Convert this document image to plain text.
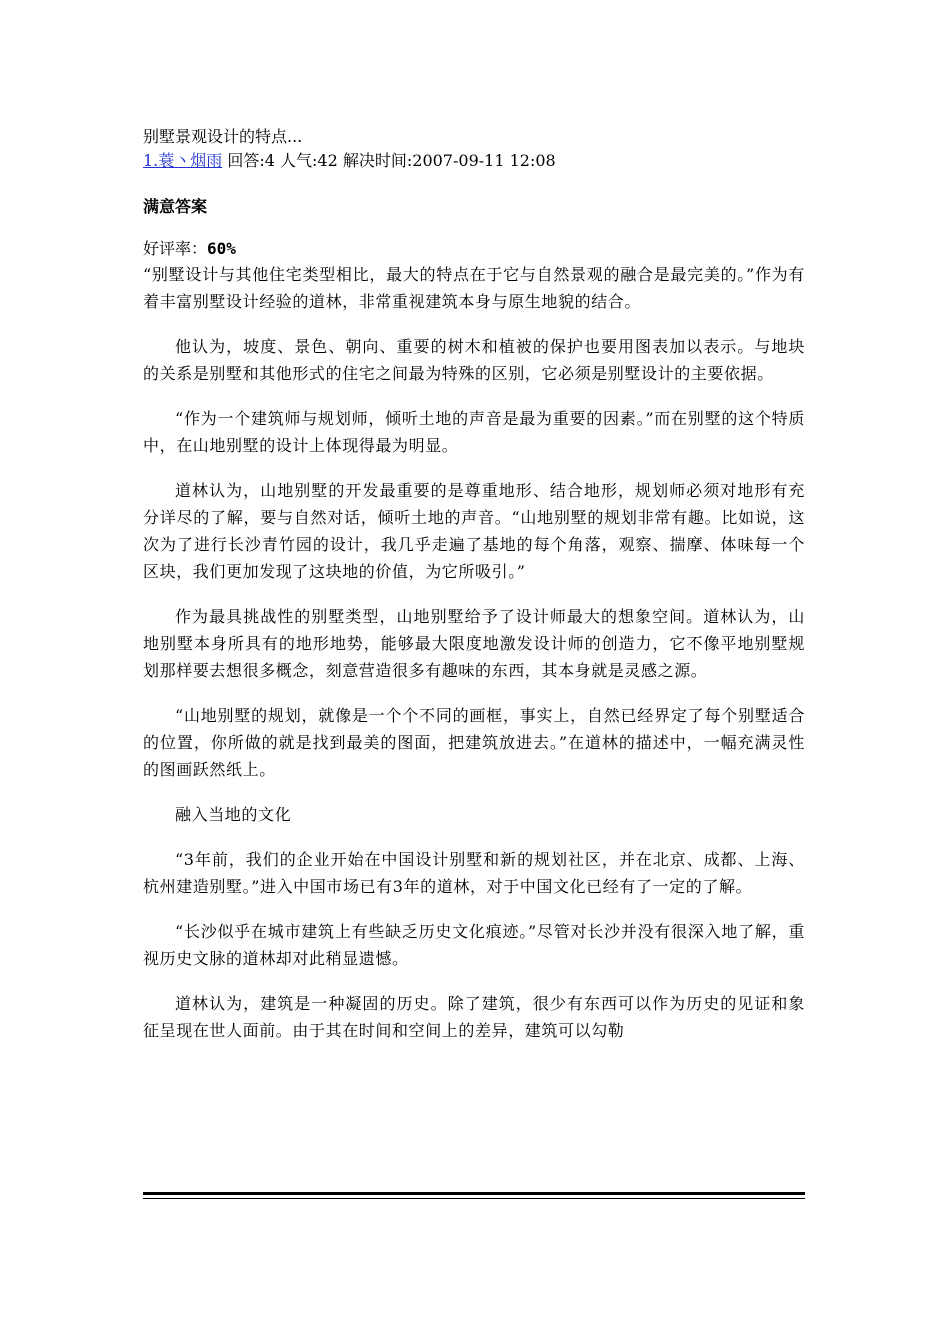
别墅景观设计的特点...

1.蓑丶烟雨 回答:4 人气:42 解决时间:2007-09-11 12:08

满意答案

好评率：60%

“别墅设计与其他住宅类型相比，最大的特点在于它与自然景观的融合是最完美的。”作为有着丰富别墅设计经验的道林，非常重视建筑本身与原生地貌的结合。

他认为，坡度、景色、朝向、重要的树木和植被的保护也要用图表加以表示。与地块的关系是别墅和其他形式的住宅之间最为特殊的区别，它必须是别墅设计的主要依据。

“作为一个建筑师与规划师，倾听土地的声音是最为重要的因素。”而在别墅的这个特质中，在山地别墅的设计上体现得最为明显。

道林认为，山地别墅的开发最重要的是尊重地形、结合地形，规划师必须对地形有充分详尽的了解，要与自然对话，倾听土地的声音。“山地别墅的规划非常有趣。比如说，这次为了进行长沙青竹园的设计，我几乎走遍了基地的每个角落，观察、揣摩、体味每一个区块，我们更加发现了这块地的价值，为它所吸引。”

作为最具挑战性的别墅类型，山地别墅给予了设计师最大的想象空间。道林认为，山地别墅本身所具有的地形地势，能够最大限度地激发设计师的创造力，它不像平地别墅规划那样要去想很多概念，刻意营造很多有趣味的东西，其本身就是灵感之源。

“山地别墅的规划，就像是一个个不同的画框，事实上，自然已经界定了每个别墅适合的位置，你所做的就是找到最美的图面，把建筑放进去。”在道林的描述中，一幅充满灵性的图画跃然纸上。

融入当地的文化

“3年前，我们的企业开始在中国设计别墅和新的规划社区，并在北京、成都、上海、杭州建造别墅。”进入中国市场已有3年的道林，对于中国文化已经有了一定的了解。

“长沙似乎在城市建筑上有些缺乏历史文化痕迹。”尽管对长沙并没有很深入地了解，重视历史文脉的道林却对此稍显遗憾。

道林认为，建筑是一种凝固的历史。除了建筑，很少有东西可以作为历史的见证和象征呈现在世人面前。由于其在时间和空间上的差异，建筑可以勾勒
